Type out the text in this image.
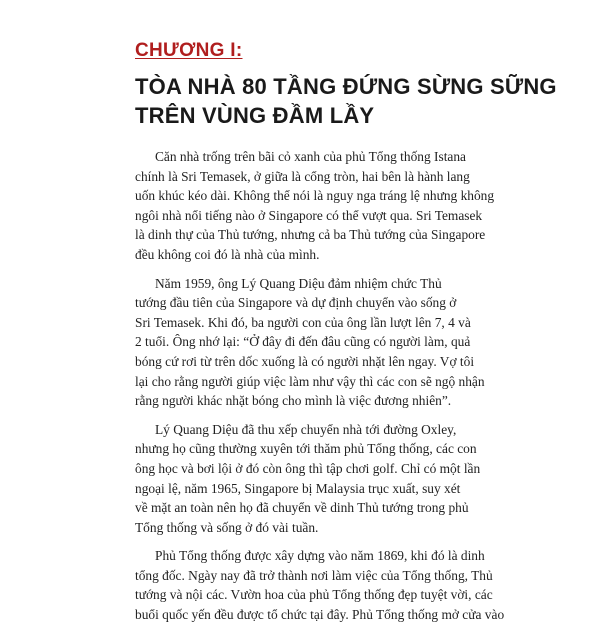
CHƯƠNG I:
TÒA NHÀ 80 TẦNG ĐỨNG SỪNG SỮNG
TRÊN VÙNG ĐẦM LẦY
Căn nhà trống trên bãi cỏ xanh của phủ Tổng thống Istana
chính là Sri Temasek, ở giữa là cổng tròn, hai bên là hành lang
uốn khúc kéo dài. Không thể nói là nguy nga tráng lệ nhưng không
ngôi nhà nổi tiếng nào ở Singapore có thể vượt qua. Sri Temasek
là dinh thự của Thủ tướng, nhưng cả ba Thủ tướng của Singapore
đều không coi đó là nhà của mình.
Năm 1959, ông Lý Quang Diệu đảm nhiệm chức Thủ
tướng đầu tiên của Singapore và dự định chuyển vào sống ở
Sri Temasek. Khi đó, ba người con của ông lần lượt lên 7, 4 và
2 tuổi. Ông nhớ lại: “Ở đây đi đến đâu cũng có người làm, quả
bóng cứ rơi từ trên dốc xuống là có người nhặt lên ngay. Vợ tôi
lại cho rằng người giúp việc làm như vậy thì các con sẽ ngộ nhận
rằng người khác nhặt bóng cho mình là việc đương nhiên”.
Lý Quang Diệu đã thu xếp chuyển nhà tới đường Oxley,
nhưng họ cũng thường xuyên tới thăm phủ Tổng thống, các con
ông học và bơi lội ở đó còn ông thì tập chơi golf. Chỉ có một lần
ngoại lệ, năm 1965, Singapore bị Malaysia trục xuất, suy xét
về mặt an toàn nên họ đã chuyển về dinh Thủ tướng trong phủ
Tổng thống và sống ở đó vài tuần.
Phủ Tổng thống được xây dựng vào năm 1869, khi đó là dinh
tổng đốc. Ngày nay đã trở thành nơi làm việc của Tổng thống, Thủ
tướng và nội các. Vườn hoa của phủ Tổng thống đẹp tuyệt vời, các
buổi quốc yến đều được tổ chức tại đây. Phủ Tổng thống mở cửa vào
